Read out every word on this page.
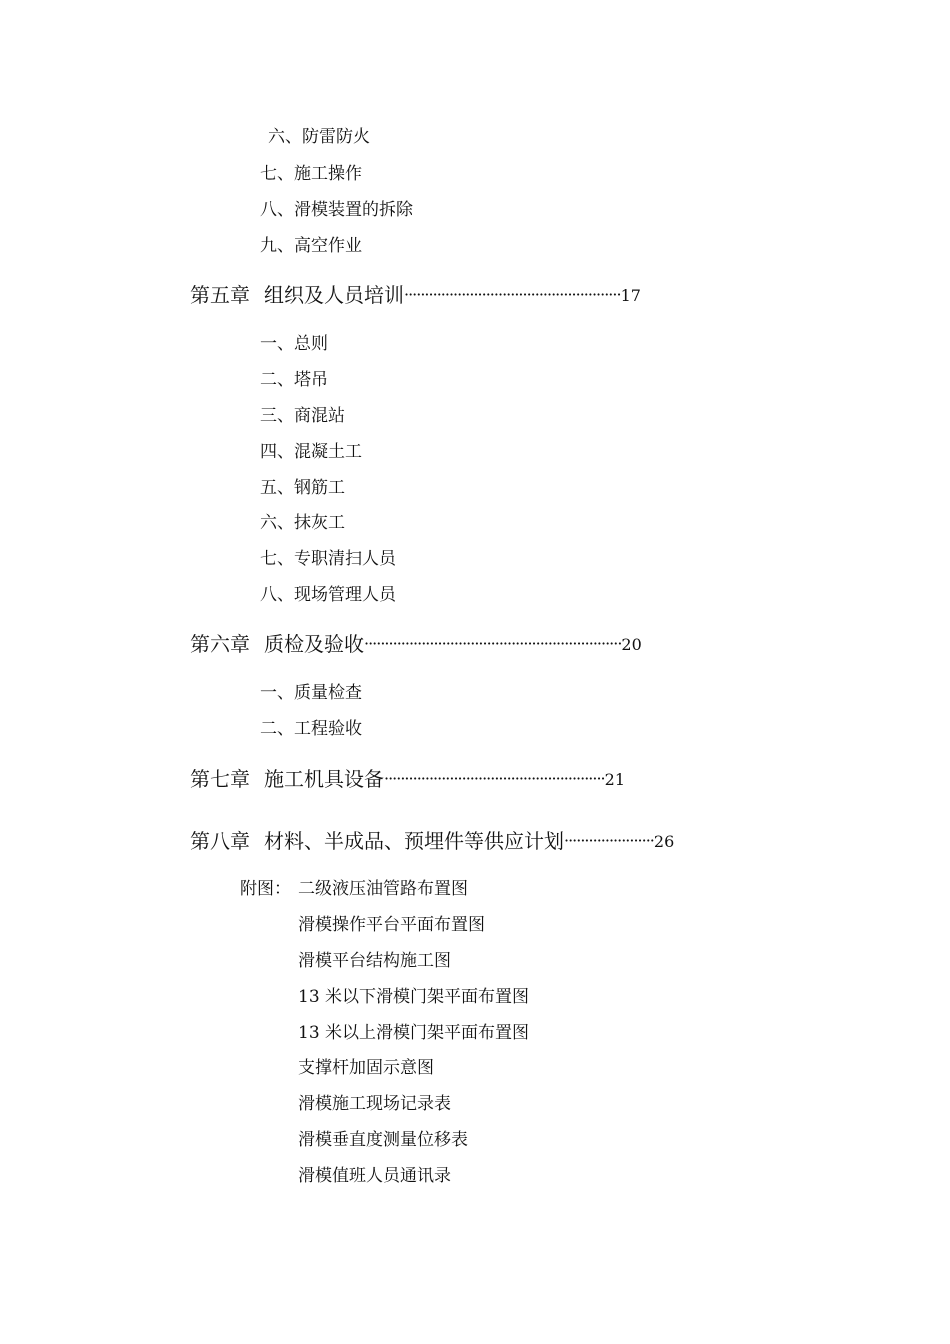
六、防雷防火
七、施工操作
八、滑模装置的拆除
九、高空作业
第五章 组织及人员培训 ····················································· 17
一、总则
二、塔吊
三、商混站
四、混凝土工
五、钢筋工
六、抹灰工
七、专职清扫人员
八、现场管理人员
第六章 质检及验收 ······························································· 20
一、质量检查
二、工程验收
第七章 施工机具设备 ······················································ 21
第八章 材料、半成品、预埋件等供应计划 ······················ 26
附图： 二级液压油管路布置图
滑模操作平台平面布置图
滑模平台结构施工图
13 米以下滑模门架平面布置图
13 米以上滑模门架平面布置图
支撑杆加固示意图
滑模施工现场记录表
滑模垂直度测量位移表
滑模值班人员通讯录
